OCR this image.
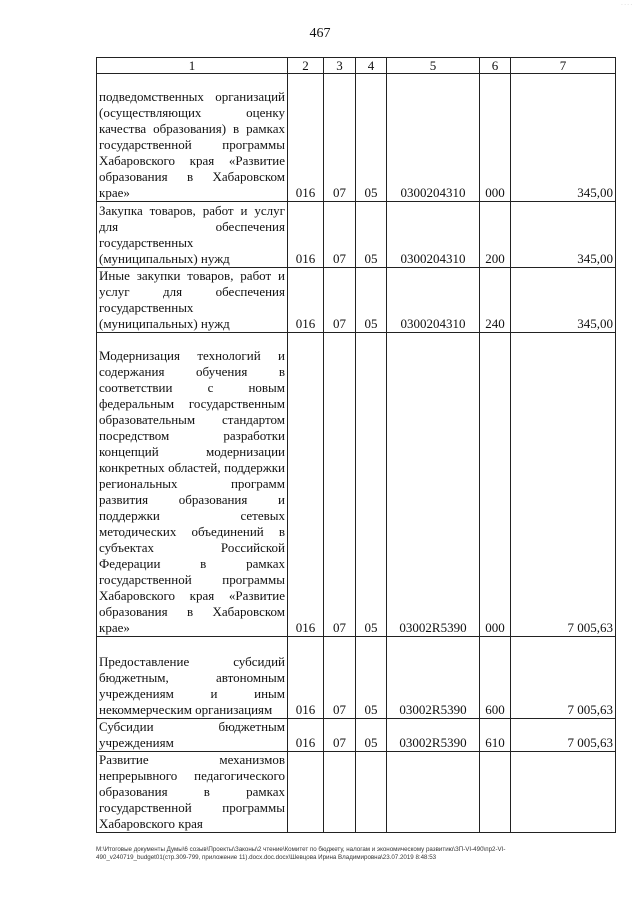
· · · ·
467
1	2	3	4	5	6	7
подведомственных организаций (осуществляющих оценку качества образования) в рамках государственной программы Хабаровского края «Развитие образования в Хабаровском крае»	016	07	05	0300204310	000	345,00
Закупка товаров, работ и услуг для обеспечения государственных (муниципальных) нужд	016	07	05	0300204310	200	345,00
Иные закупки товаров, работ и услуг для обеспечения государственных (муниципальных) нужд	016	07	05	0300204310	240	345,00
Модернизация технологий и содержания обучения в соответствии с новым федеральным государственным образовательным стандартом посредством разработки концепций модернизации конкретных областей, поддержки региональных программ развития образования и поддержки сетевых методических объединений в субъектах Российской Федерации в рамках государственной программы Хабаровского края «Развитие образования в Хабаровском крае»	016	07	05	03002R5390	000	7 005,63
Предоставление субсидий бюджетным, автономным учреждениям и иным некоммерческим организациям	016	07	05	03002R5390	600	7 005,63
Субсидии бюджетным учреждениям	016	07	05	03002R5390	610	7 005,63
Развитие механизмов непрерывного педагогического образования в рамках государственной программы Хабаровского края						
M:\Итоговые документы Думы\6 созыв\Проекты\Законы\2 чтение\Комитет по бюджету, налогам и экономическому развитию\ЗП-VI-490\пр2-VI-
490_v240719_budget01(стр.309-799, приложение 11).docx.doc.docx\Шевцова Ирина Владимировна\23.07.2019 8:48:53
